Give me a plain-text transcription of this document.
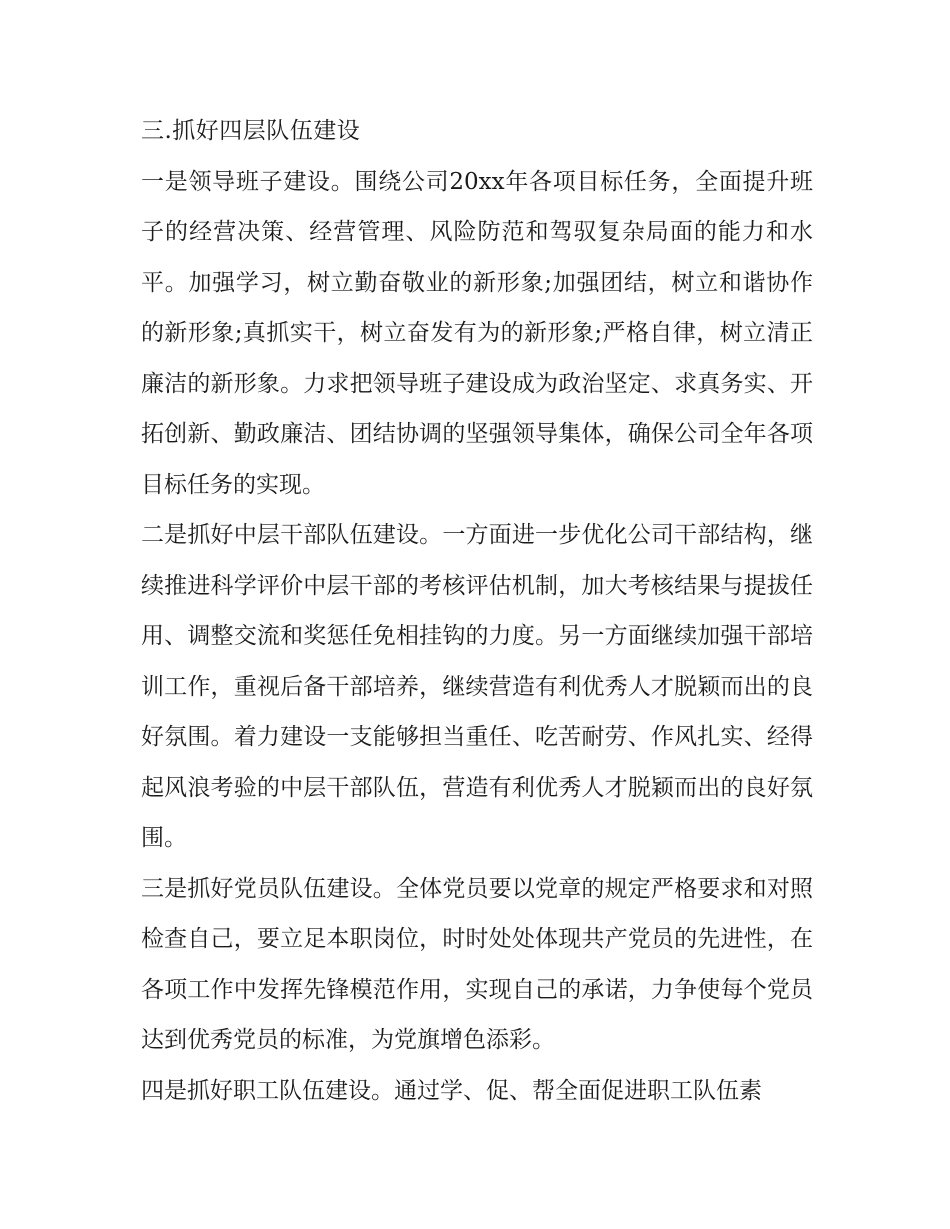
三.抓好四层队伍建设

一是领导班子建设。围绕公司20xx年各项目标任务，全面提升班子的经营决策、经营管理、风险防范和驾驭复杂局面的能力和水平。加强学习，树立勤奋敬业的新形象;加强团结，树立和谐协作的新形象;真抓实干，树立奋发有为的新形象;严格自律，树立清正廉洁的新形象。力求把领导班子建设成为政治坚定、求真务实、开拓创新、勤政廉洁、团结协调的坚强领导集体，确保公司全年各项目标任务的实现。

二是抓好中层干部队伍建设。一方面进一步优化公司干部结构，继续推进科学评价中层干部的考核评估机制，加大考核结果与提拔任用、调整交流和奖惩任免相挂钩的力度。另一方面继续加强干部培训工作，重视后备干部培养，继续营造有利优秀人才脱颖而出的良好氛围。着力建设一支能够担当重任、吃苦耐劳、作风扎实、经得起风浪考验的中层干部队伍，营造有利优秀人才脱颖而出的良好氛围。

三是抓好党员队伍建设。全体党员要以党章的规定严格要求和对照检查自己，要立足本职岗位，时时处处体现共产党员的先进性，在各项工作中发挥先锋模范作用，实现自己的承诺，力争使每个党员达到优秀党员的标准，为党旗增色添彩。

四是抓好职工队伍建设。通过学、促、帮全面促进职工队伍素
